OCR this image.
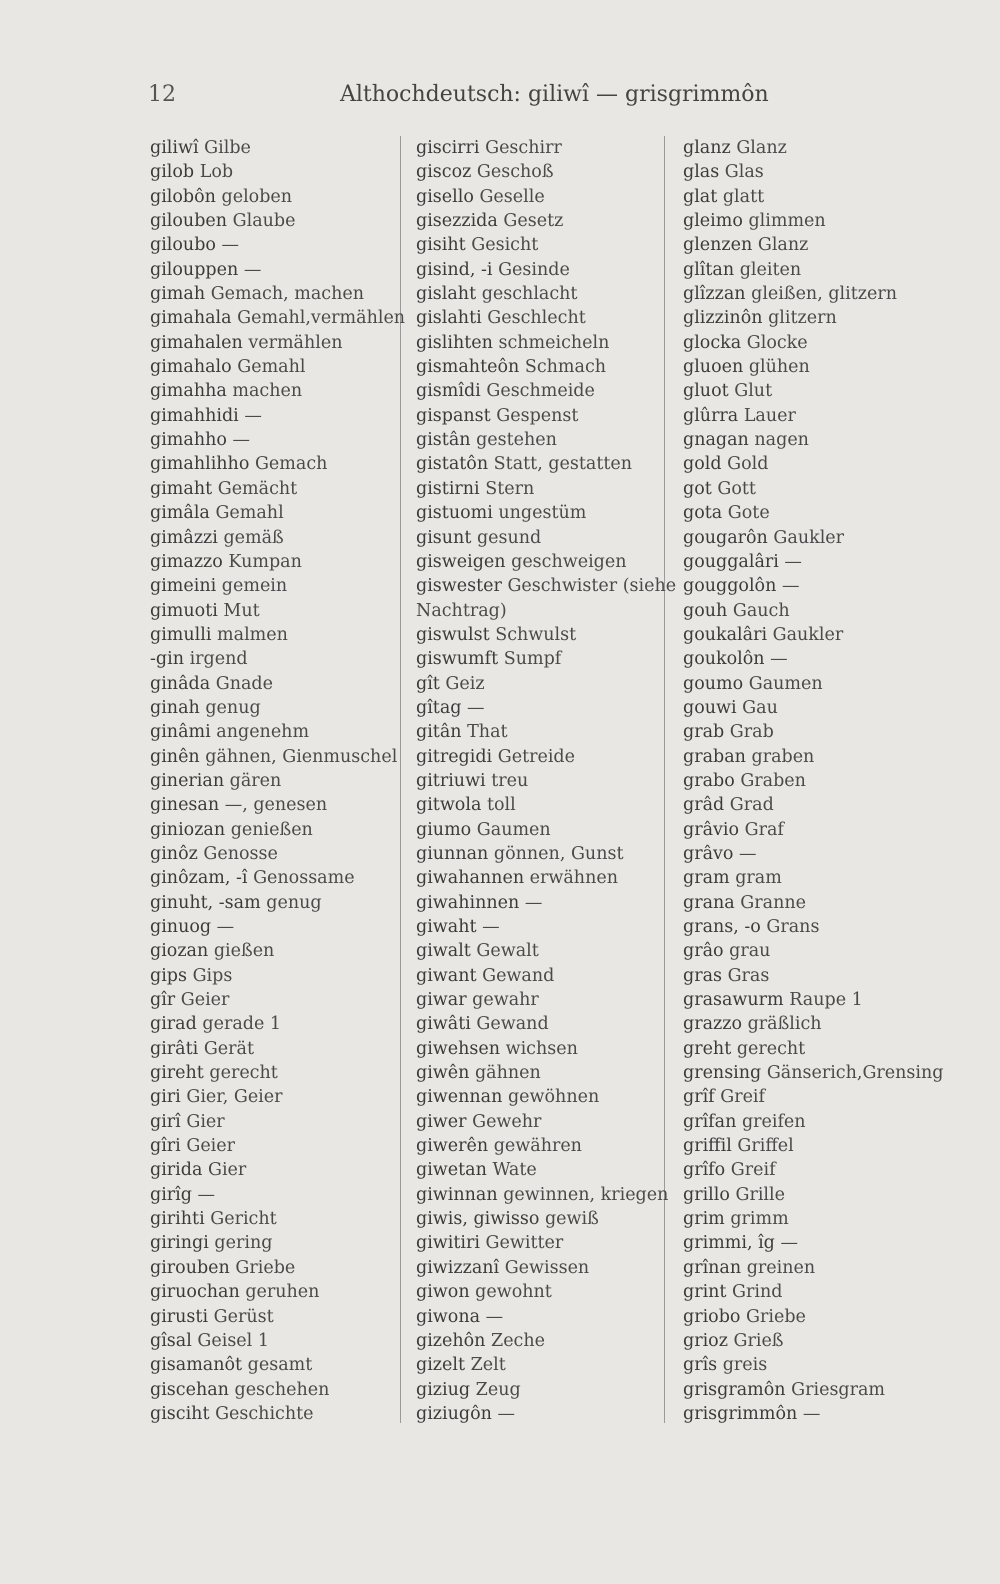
12	Althochdeutsch: giliwî — grisgrimmôn
giliwî Gilbe
gilob Lob
gilobôn geloben
gilouben Glaube
giloubo —
gilouppen —
gimah Gemach, machen
gimahala Gemahl,vermählen
gimahalen vermählen
gimahalo Gemahl
gimahha machen
gimahhidi —
gimahho —
gimahlihho Gemach
gimaht Gemächt
gimâla Gemahl
gimâzzi gemäß
gimazzo Kumpan
gimeini gemein
gimuoti Mut
gimulli malmen
-gin irgend
ginâda Gnade
ginah genug
ginâmi angenehm
ginên gähnen, Gienmuschel
ginerian gären
ginesan —, genesen
giniozan genießen
ginôz Genosse
ginôzam, -î Genossame
ginuht, -sam genug
ginuog —
giozan gießen
gips Gips
gîr Geier
girad gerade 1
girâti Gerät
gireht gerecht
giri Gier, Geier
girî Gier
gîri Geier
girida Gier
girîg —
girihti Gericht
giringi gering
girouben Griebe
giruochan geruhen
girusti Gerüst
gîsal Geisel 1
gisamanôt gesamt
giscehan geschehen
gisciht Geschichte
giscirri Geschirr
giscoz Geschoß
gisello Geselle
gisezzida Gesetz
gisiht Gesicht
gisind, -i Gesinde
gislaht geschlacht
gislahti Geschlecht
gislihten schmeicheln
gismahteôn Schmach
gismîdi Geschmeide
gispanst Gespenst
gistân gestehen
gistatôn Statt, gestatten
gistirni Stern
gistuomi ungestüm
gisunt gesund
gisweigen geschweigen
giswester Geschwister (siehe
Nachtrag)
giswulst Schwulst
giswumft Sumpf
gît Geiz
gîtag —
gitân That
gitregidi Getreide
gitriuwi treu
gitwola toll
giumo Gaumen
giunnan gönnen, Gunst
giwahannen erwähnen
giwahinnen —
giwaht —
giwalt Gewalt
giwant Gewand
giwar gewahr
giwâti Gewand
giwehsen wichsen
giwên gähnen
giwennan gewöhnen
giwer Gewehr
giwerên gewähren
giwetan Wate
giwinnan gewinnen, kriegen
giwis, giwisso gewiß
giwitiri Gewitter
giwizzanî Gewissen
giwon gewohnt
giwona —
gizehôn Zeche
gizelt Zelt
giziug Zeug
giziugôn —
glanz Glanz
glas Glas
glat glatt
gleimo glimmen
glenzen Glanz
glîtan gleiten
glîzzan gleißen, glitzern
glizzinôn glitzern
glocka Glocke
gluoen glühen
gluot Glut
glûrra Lauer
gnagan nagen
gold Gold
got Gott
gota Gote
gougarôn Gaukler
gouggalâri —
gouggolôn —
gouh Gauch
goukalâri Gaukler
goukolôn —
goumo Gaumen
gouwi Gau
grab Grab
graban graben
grabo Graben
grâd Grad
grâvio Graf
grâvo —
gram gram
grana Granne
grans, -o Grans
grâo grau
gras Gras
grasawurm Raupe 1
grazzo gräßlich
greht gerecht
grensing Gänserich,Grensing
grîf Greif
grîfan greifen
griffil Griffel
grîfo Greif
grillo Grille
grim grimm
grimmi, îg —
grînan greinen
grint Grind
griobo Griebe
grioz Grieß
grîs greis
grisgramôn Griesgram
grisgrimmôn —
